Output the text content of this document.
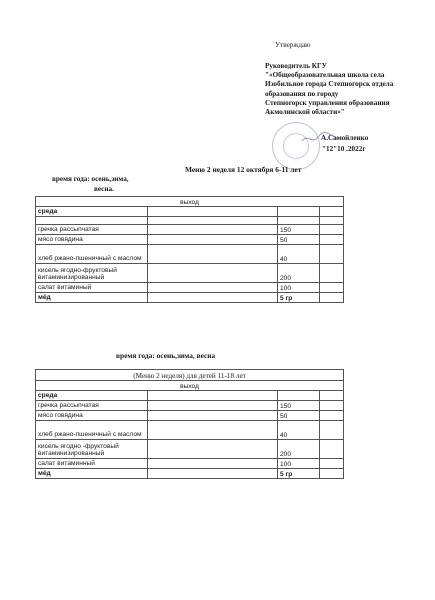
Утверждаю
Руководитель КГУ
"«Общеобразовательная школа села
Изобильное города Степногорск отдела
образования по городу
Степногорск управления образования
Акмолинской области»"
А.Самойленко
"12"10 .2022г
Меню 2 неделя 12 октября 6-11 лет
время года: осень,зима,
весна.
выход			
среда			

гречка рассыпчатая		150	
мясо говядина		50	
хлеб ржано-пшеничный с маслом		40	
кисель ягодно-фруктовый витаминизированный		200	
салат витаминый		100	
мёд		5 гр	
время года: осень,зима, весна
(Меню 2 неделя) для детей 11-18 лет			
выход			
среда			
гречка рассыпчатая		150	
мясо говядина		50	
хлеб ржано-пшеничный с маслом		40	
кисель ягодно -фруктовый витаминизированный		200	
салат витаминный		100	
мёд		5 гр	
